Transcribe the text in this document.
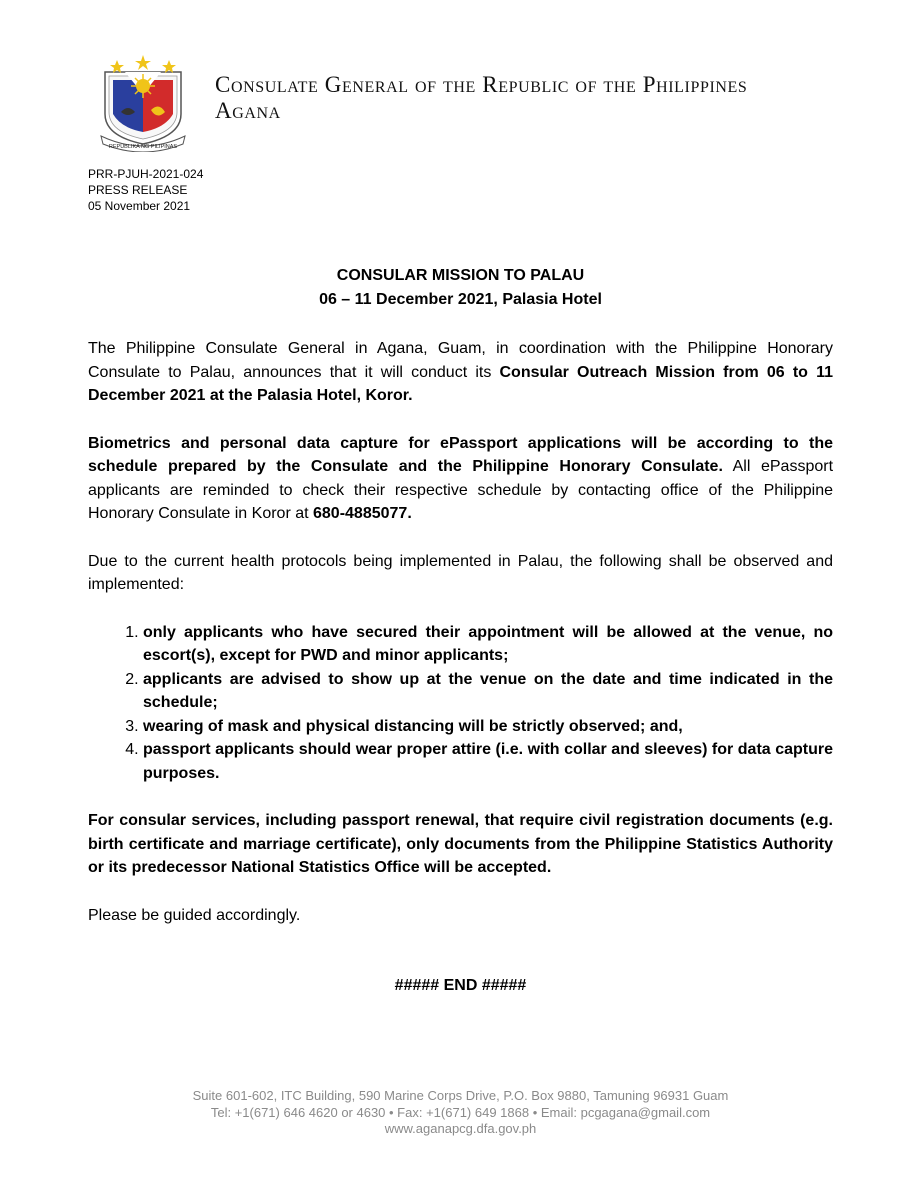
REPUBLIKA NG PILIPINAS
Consulate General of the Republic of the Philippines
Agana
PRR-PJUH-2021-024
PRESS RELEASE
05 November 2021
CONSULAR MISSION TO PALAU
06 – 11 December 2021, Palasia Hotel

The Philippine Consulate General in Agana, Guam, in coordination with the Philippine Honorary Consulate to Palau, announces that it will conduct its Consular Outreach Mission from 06 to 11 December 2021 at the Palasia Hotel, Koror.

Biometrics and personal data capture for ePassport applications will be according to the schedule prepared by the Consulate and the Philippine Honorary Consulate. All ePassport applicants are reminded to check their respective schedule by contacting office of the Philippine Honorary Consulate in Koror at 680-4885077.

Due to the current health protocols being implemented in Palau, the following shall be observed and implemented:

1. only applicants who have secured their appointment will be allowed at the venue, no escort(s), except for PWD and minor applicants;
2. applicants are advised to show up at the venue on the date and time indicated in the schedule;
3. wearing of mask and physical distancing will be strictly observed; and,
4. passport applicants should wear proper attire (i.e. with collar and sleeves) for data capture purposes.

For consular services, including passport renewal, that require civil registration documents (e.g. birth certificate and marriage certificate), only documents from the Philippine Statistics Authority or its predecessor National Statistics Office will be accepted.

Please be guided accordingly.

##### END #####
Suite 601-602, ITC Building, 590 Marine Corps Drive, P.O. Box 9880, Tamuning 96931 Guam
Tel: +1(671) 646 4620 or 4630 • Fax: +1(671) 649 1868 • Email: pcgagana@gmail.com
www.aganapcg.dfa.gov.ph
